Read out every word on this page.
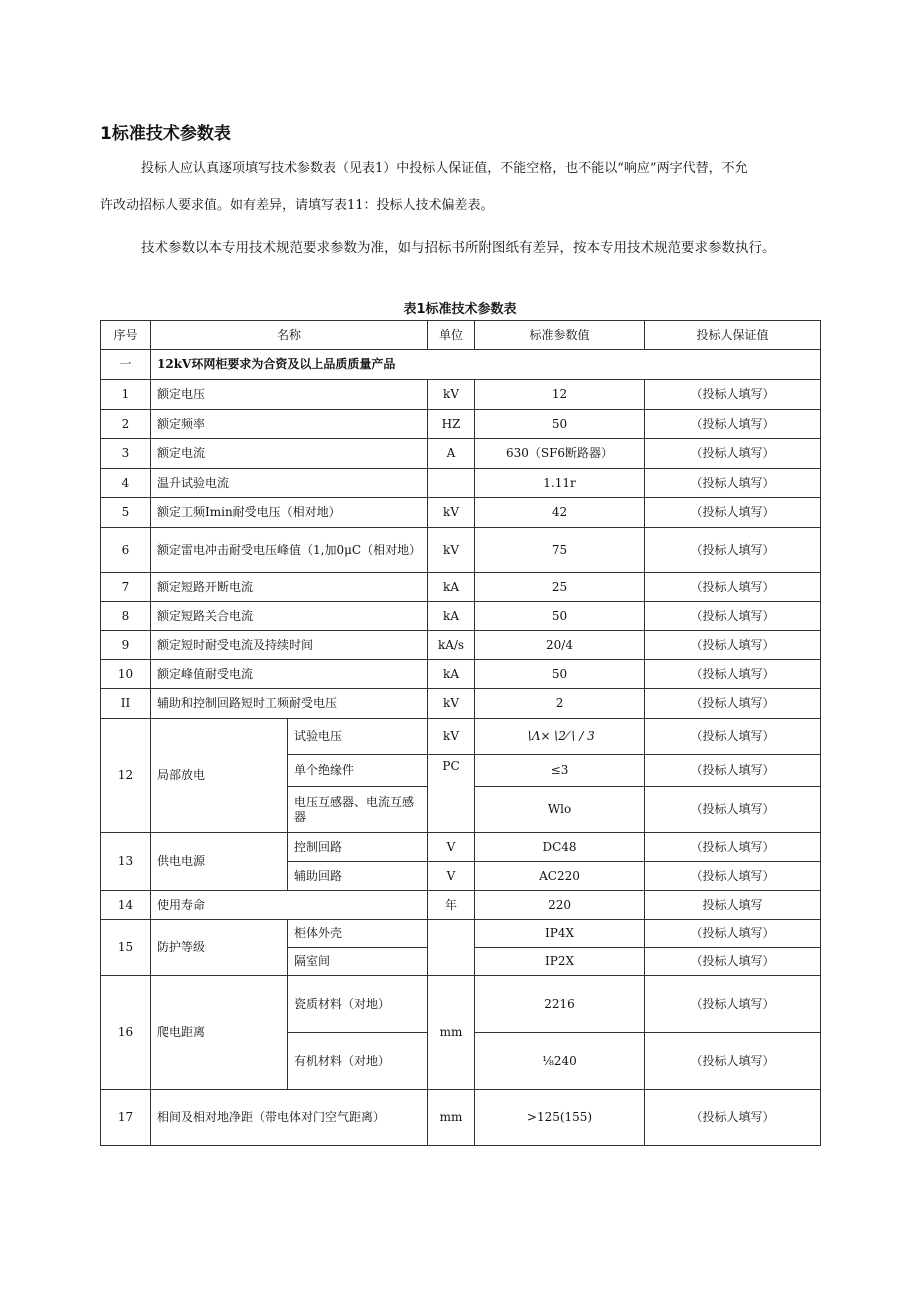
1标准技术参数表
投标人应认真逐项填写技术参数表（见表1）中投标人保证值，不能空格，也不能以“响应”两字代替，不允
许改动招标人要求值。如有差异，请填写表11：投标人技术偏差表。
技术参数以本专用技术规范要求参数为准，如与招标书所附图纸有差异，按本专用技术规范要求参数执行。
表1标准技术参数表
序号	名称		单位	标准参数值	投标人保证值
一	12kV环网柜要求为合资及以上品质质量产品				
1	额定电压		kV	12	（投标人填写）
2	额定频率		HZ	50	（投标人填写）
3	额定电流		A	630（SF6断路器）	（投标人填写）
4	温升试验电流			1.11r	（投标人填写）
5	额定工频Imin耐受电压（相对地）		kV	42	（投标人填写）
6	额定雷电冲击耐受电压峰值（1,加0μC（相对地）		kV	75	（投标人填写）
7	额定短路开断电流		kA	25	（投标人填写）
8	额定短路关合电流		kA	50	（投标人填写）
9	额定短时耐受电流及持续时间		kA/s	20/4	（投标人填写）
10	额定峰值耐受电流		kA	50	（投标人填写）
II	辅助和控制回路短时工频耐受电压		kV	2	（投标人填写）
12	局部放电	试验电压	kV	∖Λ×∖2⁄∖ / 3	（投标人填写）
		单个绝缘件	PC	≤3	（投标人填写）
		电压互感器、电流互感器		Wlo	（投标人填写）
13	供电电源	控制回路	V	DC48	（投标人填写）
		辅助回路	V	AC220	（投标人填写）
14	使用寿命		年	220	投标人填写
15	防护等级	柜体外壳		IP4X	（投标人填写）
		隔室间		IP2X	（投标人填写）
16	爬电距离	瓷质材料（对地）	mm	2216	（投标人填写）
		有机材料（对地）		⅛240	（投标人填写）
17	相间及相对地净距（带电体对门空气距离）		mm	>125(155)	（投标人填写）
